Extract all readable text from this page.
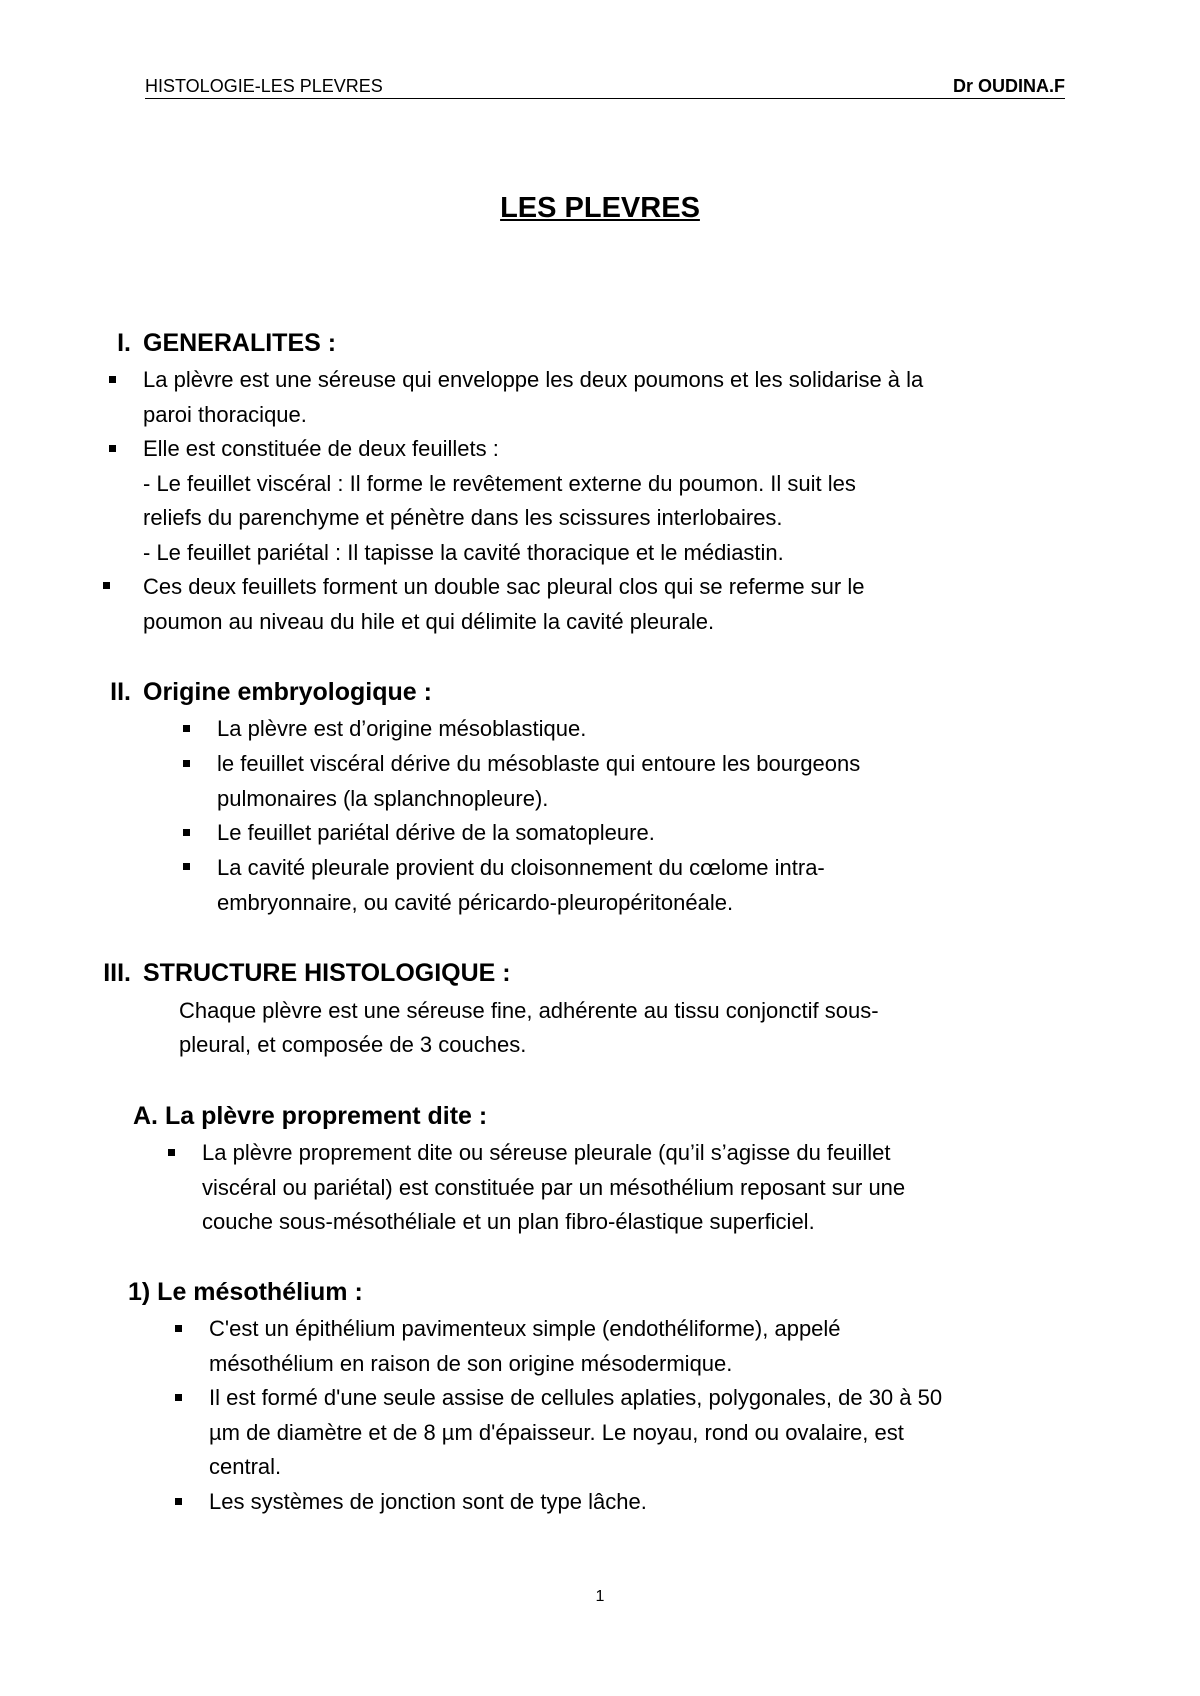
HISTOLOGIE-LES PLEVRES	Dr OUDINA.F
LES PLEVRES
I. GENERALITES :
La plèvre est une séreuse qui enveloppe les deux poumons et les solidarise à la
paroi thoracique.
Elle est constituée de deux feuillets :
- Le feuillet viscéral : Il forme le revêtement externe du poumon. Il suit les
reliefs du parenchyme et pénètre dans les scissures interlobaires.
- Le feuillet pariétal : Il tapisse la cavité thoracique et le médiastin.
Ces deux feuillets forment un double sac pleural clos qui se referme sur le
poumon au niveau du hile et qui délimite la cavité pleurale.
II. Origine embryologique :
La plèvre est d’origine mésoblastique.
le feuillet viscéral dérive du mésoblaste qui entoure les bourgeons
pulmonaires (la splanchnopleure).
Le feuillet pariétal dérive de la somatopleure.
La cavité pleurale provient du cloisonnement du cœlome intra-
embryonnaire, ou cavité péricardo-pleuropéritonéale.
III. STRUCTURE HISTOLOGIQUE :
Chaque plèvre est une séreuse fine, adhérente au tissu conjonctif sous-
pleural, et composée de 3 couches.
A. La plèvre proprement dite :
La plèvre proprement dite ou séreuse pleurale (qu’il s’agisse du feuillet
viscéral ou pariétal) est constituée par un mésothélium reposant sur une
couche sous-mésothéliale et un plan fibro-élastique superficiel.
1) Le mésothélium :
C'est un épithélium pavimenteux simple (endothéliforme), appelé
mésothélium en raison de son origine mésodermique.
Il est formé d'une seule assise de cellules aplaties, polygonales, de 30 à 50
µm de diamètre et de 8 µm d'épaisseur. Le noyau, rond ou ovalaire, est
central.
Les systèmes de jonction sont de type lâche.
1
